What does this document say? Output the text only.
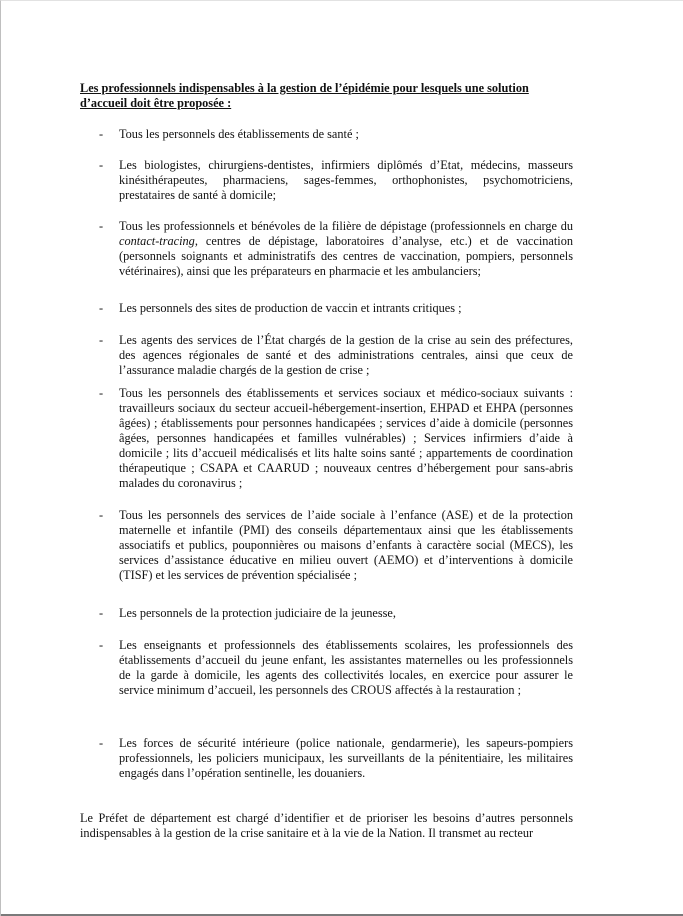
Les professionnels indispensables à la gestion de l’épidémie pour lesquels une solution d’accueil doit être proposée :

- Tous les personnels des établissements de santé ;
- Les biologistes, chirurgiens-dentistes, infirmiers diplômés d’Etat, médecins, masseurs kinésithérapeutes, pharmaciens, sages-femmes, orthophonistes, psychomotriciens, prestataires de santé à domicile;
- Tous les professionnels et bénévoles de la filière de dépistage (professionnels en charge du contact-tracing, centres de dépistage, laboratoires d’analyse, etc.) et de vaccination (personnels soignants et administratifs des centres de vaccination, pompiers, personnels vétérinaires), ainsi que les préparateurs en pharmacie et les ambulanciers;
- Les personnels des sites de production de vaccin et intrants critiques ;
- Les agents des services de l’État chargés de la gestion de la crise au sein des préfectures, des agences régionales de santé et des administrations centrales, ainsi que ceux de l’assurance maladie chargés de la gestion de crise ;
- Tous les personnels des établissements et services sociaux et médico-sociaux suivants : travailleurs sociaux du secteur accueil-hébergement-insertion, EHPAD et EHPA (personnes âgées) ; établissements pour personnes handicapées ; services d’aide à domicile (personnes âgées, personnes handicapées et familles vulnérables) ; Services infirmiers d’aide à domicile ; lits d’accueil médicalisés et lits halte soins santé ; appartements de coordination thérapeutique ; CSAPA et CAARUD ; nouveaux centres d’hébergement pour sans-abris malades du coronavirus ;
- Tous les personnels des services de l’aide sociale à l’enfance (ASE) et de la protection maternelle et infantile (PMI) des conseils départementaux ainsi que les établissements associatifs et publics, pouponnières ou maisons d’enfants à caractère social (MECS), les services d’assistance éducative en milieu ouvert (AEMO) et d’interventions à domicile (TISF) et les services de prévention spécialisée ;
- Les personnels de la protection judiciaire de la jeunesse,
- Les enseignants et professionnels des établissements scolaires, les professionnels des établissements d’accueil du jeune enfant, les assistantes maternelles ou les professionnels de la garde à domicile, les agents des collectivités locales, en exercice pour assurer le service minimum d’accueil, les personnels des CROUS affectés à la restauration ;
- Les forces de sécurité intérieure (police nationale, gendarmerie), les sapeurs-pompiers professionnels, les policiers municipaux, les surveillants de la pénitentiaire, les militaires engagés dans l’opération sentinelle, les douaniers.

Le Préfet de département est chargé d’identifier et de prioriser les besoins d’autres personnels indispensables à la gestion de la crise sanitaire et à la vie de la Nation. Il transmet au recteur
